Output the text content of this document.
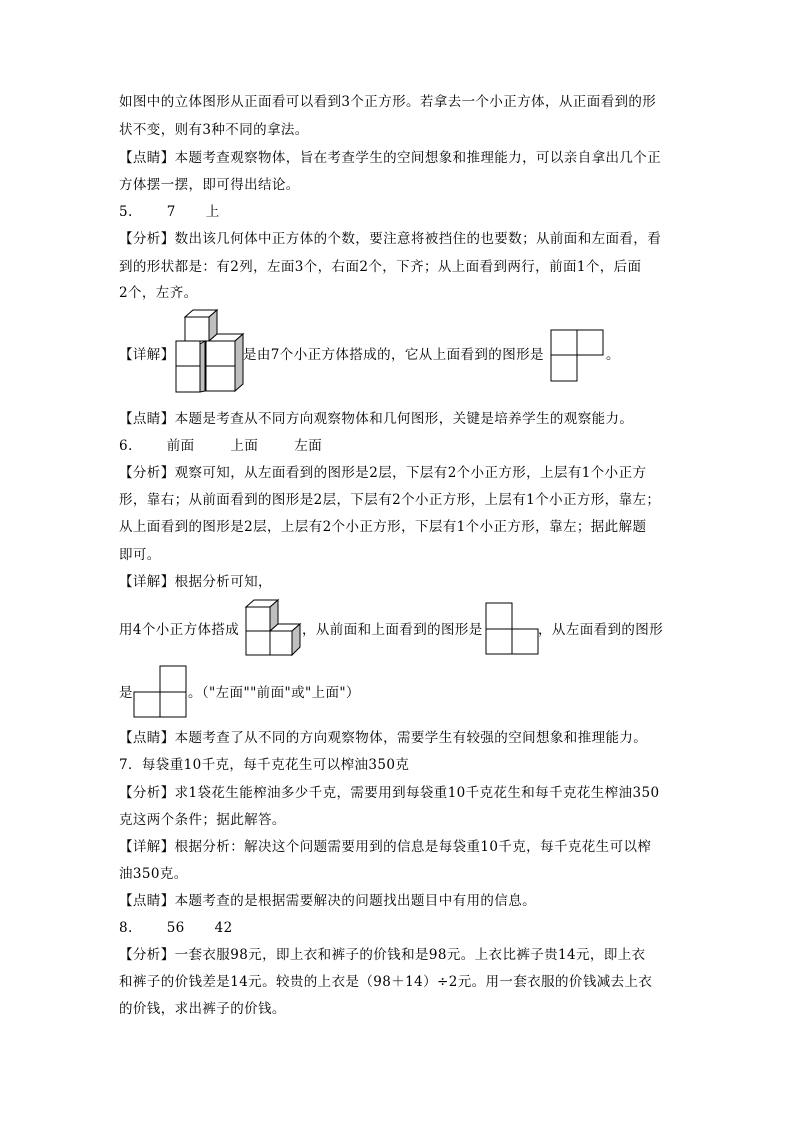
如图中的立体图形从正面看可以看到3个正方形。若拿去一个小正方体，从正面看到的形
状不变，则有3种不同的拿法。
【点睛】本题考查观察物体，旨在考查学生的空间想象和推理能力，可以亲自拿出几个正
方体摆一摆，即可得出结论。
5.	7 上
【分析】数出该几何体中正方体的个数，要注意将被挡住的也要数；从前面和左面看，看
到的形状都是：有2列，左面3个，右面2个，下齐；从上面看到两行，前面1个，后面
2个，左齐。
【详解】	是由7个小正方体搭成的，它从上面看到的图形是	。
【点睛】本题是考查从不同方向观察物体和几何图形，关键是培养学生的观察能力。
6.	前面	上面	左面
【分析】观察可知，从左面看到的图形是2层，下层有2个小正方形，上层有1个小正方
形，靠右；从前面看到的图形是2层，下层有2个小正方形，上层有1个小正方形，靠左；
从上面看到的图形是2层，上层有2个小正方形，下层有1个小正方形，靠左；据此解题
即可。
【详解】根据分析可知，
用4个小正方体搭成	，从前面和上面看到的图形是	，从左面看到的图形
是	。（"左面""前面"或"上面"）
【点睛】本题考查了从不同的方向观察物体，需要学生有较强的空间想象和推理能力。
7．每袋重10千克，每千克花生可以榨油350克
【分析】求1袋花生能榨油多少千克，需要用到每袋重10千克花生和每千克花生榨油350
克这两个条件；据此解答。
【详解】根据分析：解决这个问题需要用到的信息是每袋重10千克，每千克花生可以榨
油350克。
【点睛】本题考查的是根据需要解决的问题找出题目中有用的信息。
8.	56 42
【分析】一套衣服98元，即上衣和裤子的价钱和是98元。上衣比裤子贵14元，即上衣
和裤子的价钱差是14元。较贵的上衣是（98＋14）÷2元。用一套衣服的价钱减去上衣
的价钱，求出裤子的价钱。
